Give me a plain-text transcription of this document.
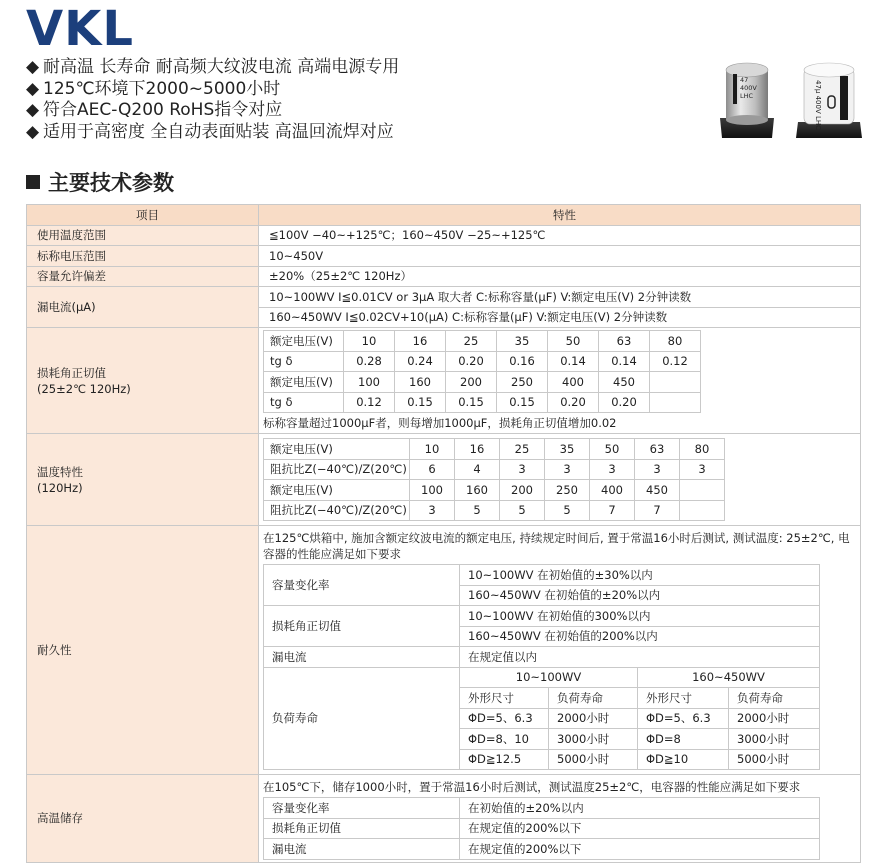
VKL
◆ 耐高温 长寿命 耐高频大纹波电流 高端电源专用
◆ 125℃环境下2000~5000小时
◆ 符合AEC-Q200 RoHS指令对应
◆ 适用于高密度 全自动表面贴装 高温回流焊对应
47
400V
LHC	47μ 400V LHC
主要技术参数
项目	特性
使用温度范围	≦100V −40~+125℃；160~450V −25~+125℃
标称电压范围	10~450V
容量允许偏差	±20%（25±2℃ 120Hz）
漏电流(μA)	10~100WV I≦0.01CV or 3μA 取大者 C:标称容量(μF) V:额定电压(V) 2分钟读数
160~450WV I≦0.02CV+10(μA) C:标称容量(μF) V:额定电压(V) 2分钟读数

损耗角正切值
(25±2℃ 120Hz)

额定电压(V)	10	16	25	35	50	63	80
tg δ	0.28	0.24	0.20	0.16	0.14	0.14	0.12
额定电压(V)	100	160	200	250	400	450	
tg δ	0.12	0.15	0.15	0.15	0.20	0.20	
标称容量超过1000μF者，则每增加1000μF，损耗角正切值增加0.02

温度特性
(120Hz)

额定电压(V)	10	16	25	35	50	63	80
阻抗比Z(−40℃)/Z(20℃)	6	4	3	3	3	3	3
额定电压(V)	100	160	200	250	400	450	
阻抗比Z(−40℃)/Z(20℃)	3	5	5	5	7	7	

耐久性	
在125℃烘箱中, 施加含额定纹波电流的额定电压, 持续规定时间后, 置于常温16小时后测试, 测试温度: 25±2℃, 电容器的性能应满足如下要求
容量变化率	10~100WV 在初始值的±30%以内
160~450WV 在初始值的±20%以内
损耗角正切值	10~100WV 在初始值的300%以内
160~450WV 在初始值的200%以内
漏电流	在规定值以内
负荷寿命	10~100WV	160~450WV
外形尺寸	负荷寿命	外形尺寸	负荷寿命
ΦD=5、6.3	2000小时	ΦD=5、6.3	2000小时
ΦD=8、10	3000小时	ΦD=8	3000小时
ΦD≧12.5	5000小时	ΦD≧10	5000小时

高温储存	
在105℃下，储存1000小时，置于常温16小时后测试，测试温度25±2℃，电容器的性能应满足如下要求
容量变化率	在初始值的±20%以内
损耗角正切值	在规定值的200%以下
漏电流	在规定值的200%以下
